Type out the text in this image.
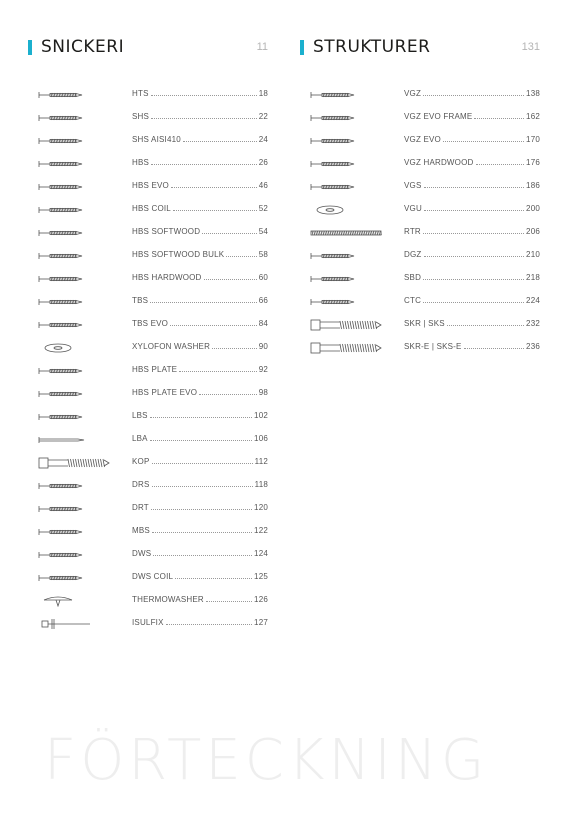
SNICKERI	11
HTS	18
SHS	22
SHS AISI410	24
HBS	26
HBS EVO	46
HBS COIL	52
HBS SOFTWOOD	54
HBS SOFTWOOD BULK	58
HBS HARDWOOD	60
TBS	66
TBS EVO	84
XYLOFON WASHER	90
HBS PLATE	92
HBS PLATE EVO	98
LBS	102
LBA	106
KOP	112
DRS	118
DRT	120
MBS	122
DWS	124
DWS COIL	125
THERMOWASHER	126
ISULFIX	127
STRUKTURER	131
VGZ	138
VGZ EVO FRAME	162
VGZ EVO	170
VGZ HARDWOOD	176
VGS	186
VGU	200
RTR	206
DGZ	210
SBD	218
CTC	224
SKR | SKS	232
SKR-E | SKS-E	236
FÖRTECKNING
